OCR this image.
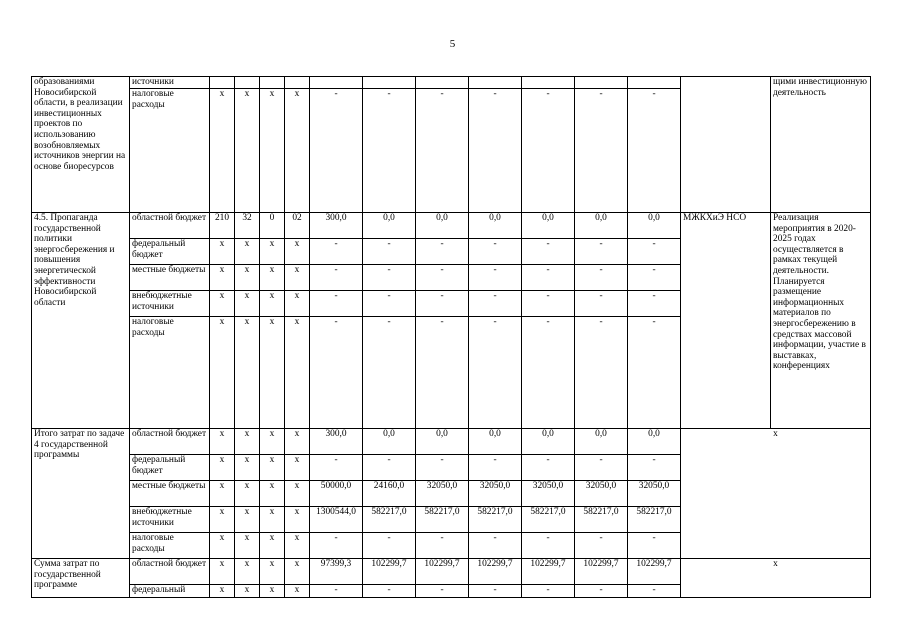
5
образованиями Новосибирской области, в реализации инвестиционных проектов по использованию возобновляемых источников энергии на основе биоресурсов	источники													щими инвестиционную деятельность
	налоговые расходы	х	х	х	х	-	-	-	-	-	-	-		
4.5. Пропаганда государственной политики энергосбережения и повышения энергетической эффективности Новосибирской области	областной бюджет	210	32	0	02	300,0	0,0	0,0	0,0	0,0	0,0	0,0	МЖКХиЭ НСО	Реализация мероприятия в 2020-2025 годах осуществляется в рамках текущей деятельности. Планируется размещение информационных материалов по энергосбережению в средствах массовой информации, участие в выставках, конференциях
	федеральный бюджет	х	х	х	х	-	-	-	-	-	-	-		
	местные бюджеты	х	х	х	х	-	-	-	-	-	-	-		
	внебюджетные источники	х	х	х	х	-	-	-	-	-	-	-		
	налоговые расходы	х	х	х	х	-	-	-	-	-	-	-		
Итого затрат по задаче 4 государственной программы	областной бюджет	х	х	х	х	300,0	0,0	0,0	0,0	0,0	0,0	0,0	х	
	федеральный бюджет	х	х	х	х	-	-	-	-	-	-	-		
	местные бюджеты	х	х	х	х	50000,0	24160,0	32050,0	32050,0	32050,0	32050,0	32050,0		
	внебюджетные источники	х	х	х	х	1300544,0	582217,0	582217,0	582217,0	582217,0	582217,0	582217,0		
	налоговые расходы	х	х	х	х	-	-	-	-	-	-	-		
Сумма затрат по государственной программе	областной бюджет	х	х	х	х	97399,3	102299,7	102299,7	102299,7	102299,7	102299,7	102299,7	х	
	федеральный	х	х	х	х	-	-	-	-	-	-	-		
